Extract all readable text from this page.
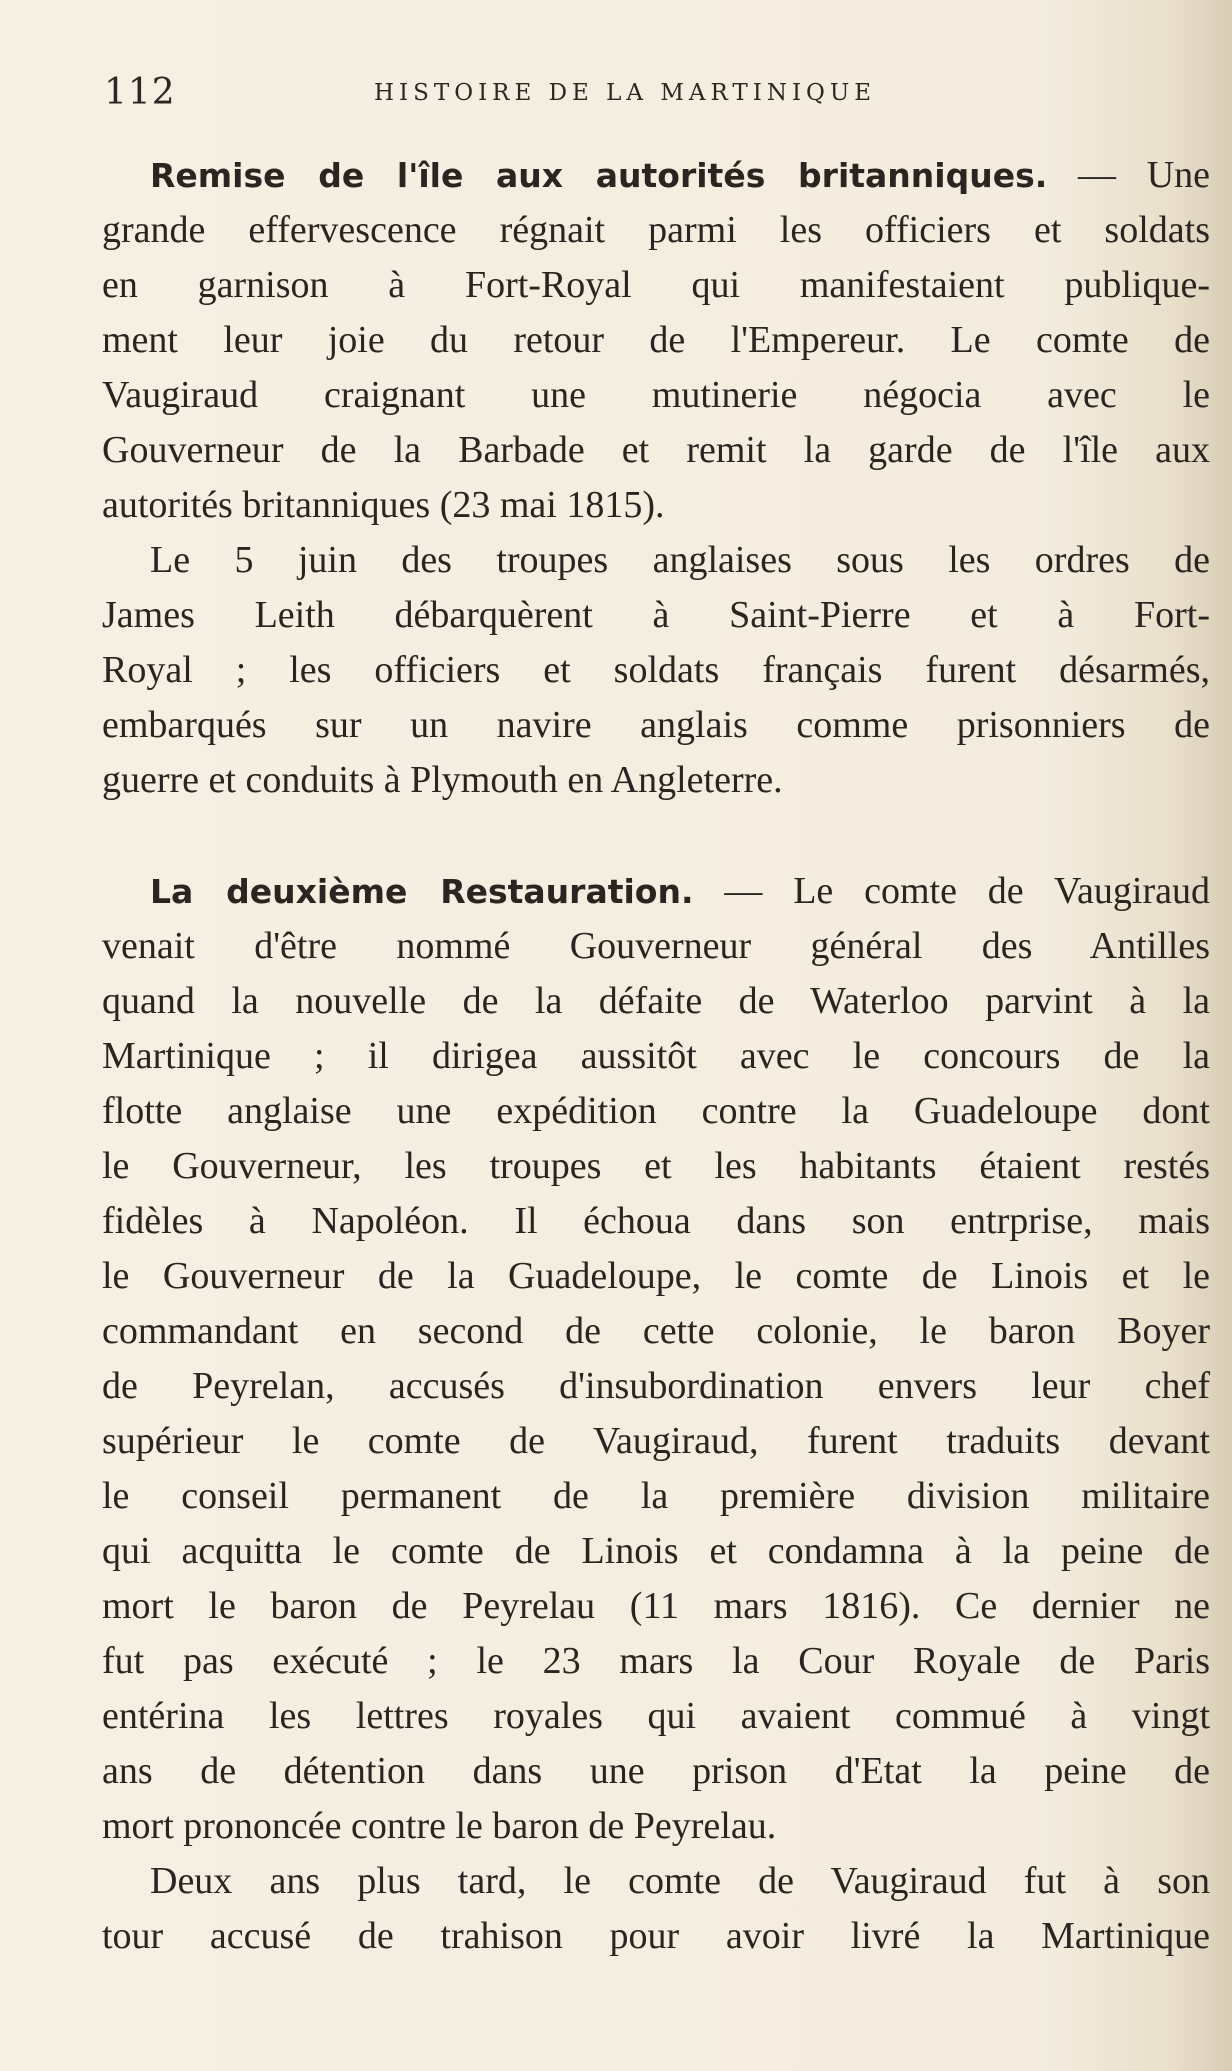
112	HISTOIRE DE LA MARTINIQUE
Remise de l'île aux autorités britanniques. — Une
grande effervescence régnait parmi les officiers et soldats
en garnison à Fort-Royal qui manifestaient publique-
ment leur joie du retour de l'Empereur. Le comte de
Vaugiraud craignant une mutinerie négocia avec le
Gouverneur de la Barbade et remit la garde de l'île aux
autorités britanniques (23 mai 1815).
Le 5 juin des troupes anglaises sous les ordres de
James Leith débarquèrent à Saint-Pierre et à Fort-
Royal ; les officiers et soldats français furent désarmés,
embarqués sur un navire anglais comme prisonniers de
guerre et conduits à Plymouth en Angleterre.
La deuxième Restauration. — Le comte de Vaugiraud
venait d'être nommé Gouverneur général des Antilles
quand la nouvelle de la défaite de Waterloo parvint à la
Martinique ; il dirigea aussitôt avec le concours de la
flotte anglaise une expédition contre la Guadeloupe dont
le Gouverneur, les troupes et les habitants étaient restés
fidèles à Napoléon. Il échoua dans son entrprise, mais
le Gouverneur de la Guadeloupe, le comte de Linois et le
commandant en second de cette colonie, le baron Boyer
de Peyrelan, accusés d'insubordination envers leur chef
supérieur le comte de Vaugiraud, furent traduits devant
le conseil permanent de la première division militaire
qui acquitta le comte de Linois et condamna à la peine de
mort le baron de Peyrelau (11 mars 1816). Ce dernier ne
fut pas exécuté ; le 23 mars la Cour Royale de Paris
entérina les lettres royales qui avaient commué à vingt
ans de détention dans une prison d'Etat la peine de
mort prononcée contre le baron de Peyrelau.
Deux ans plus tard, le comte de Vaugiraud fut à son
tour accusé de trahison pour avoir livré la Martinique
